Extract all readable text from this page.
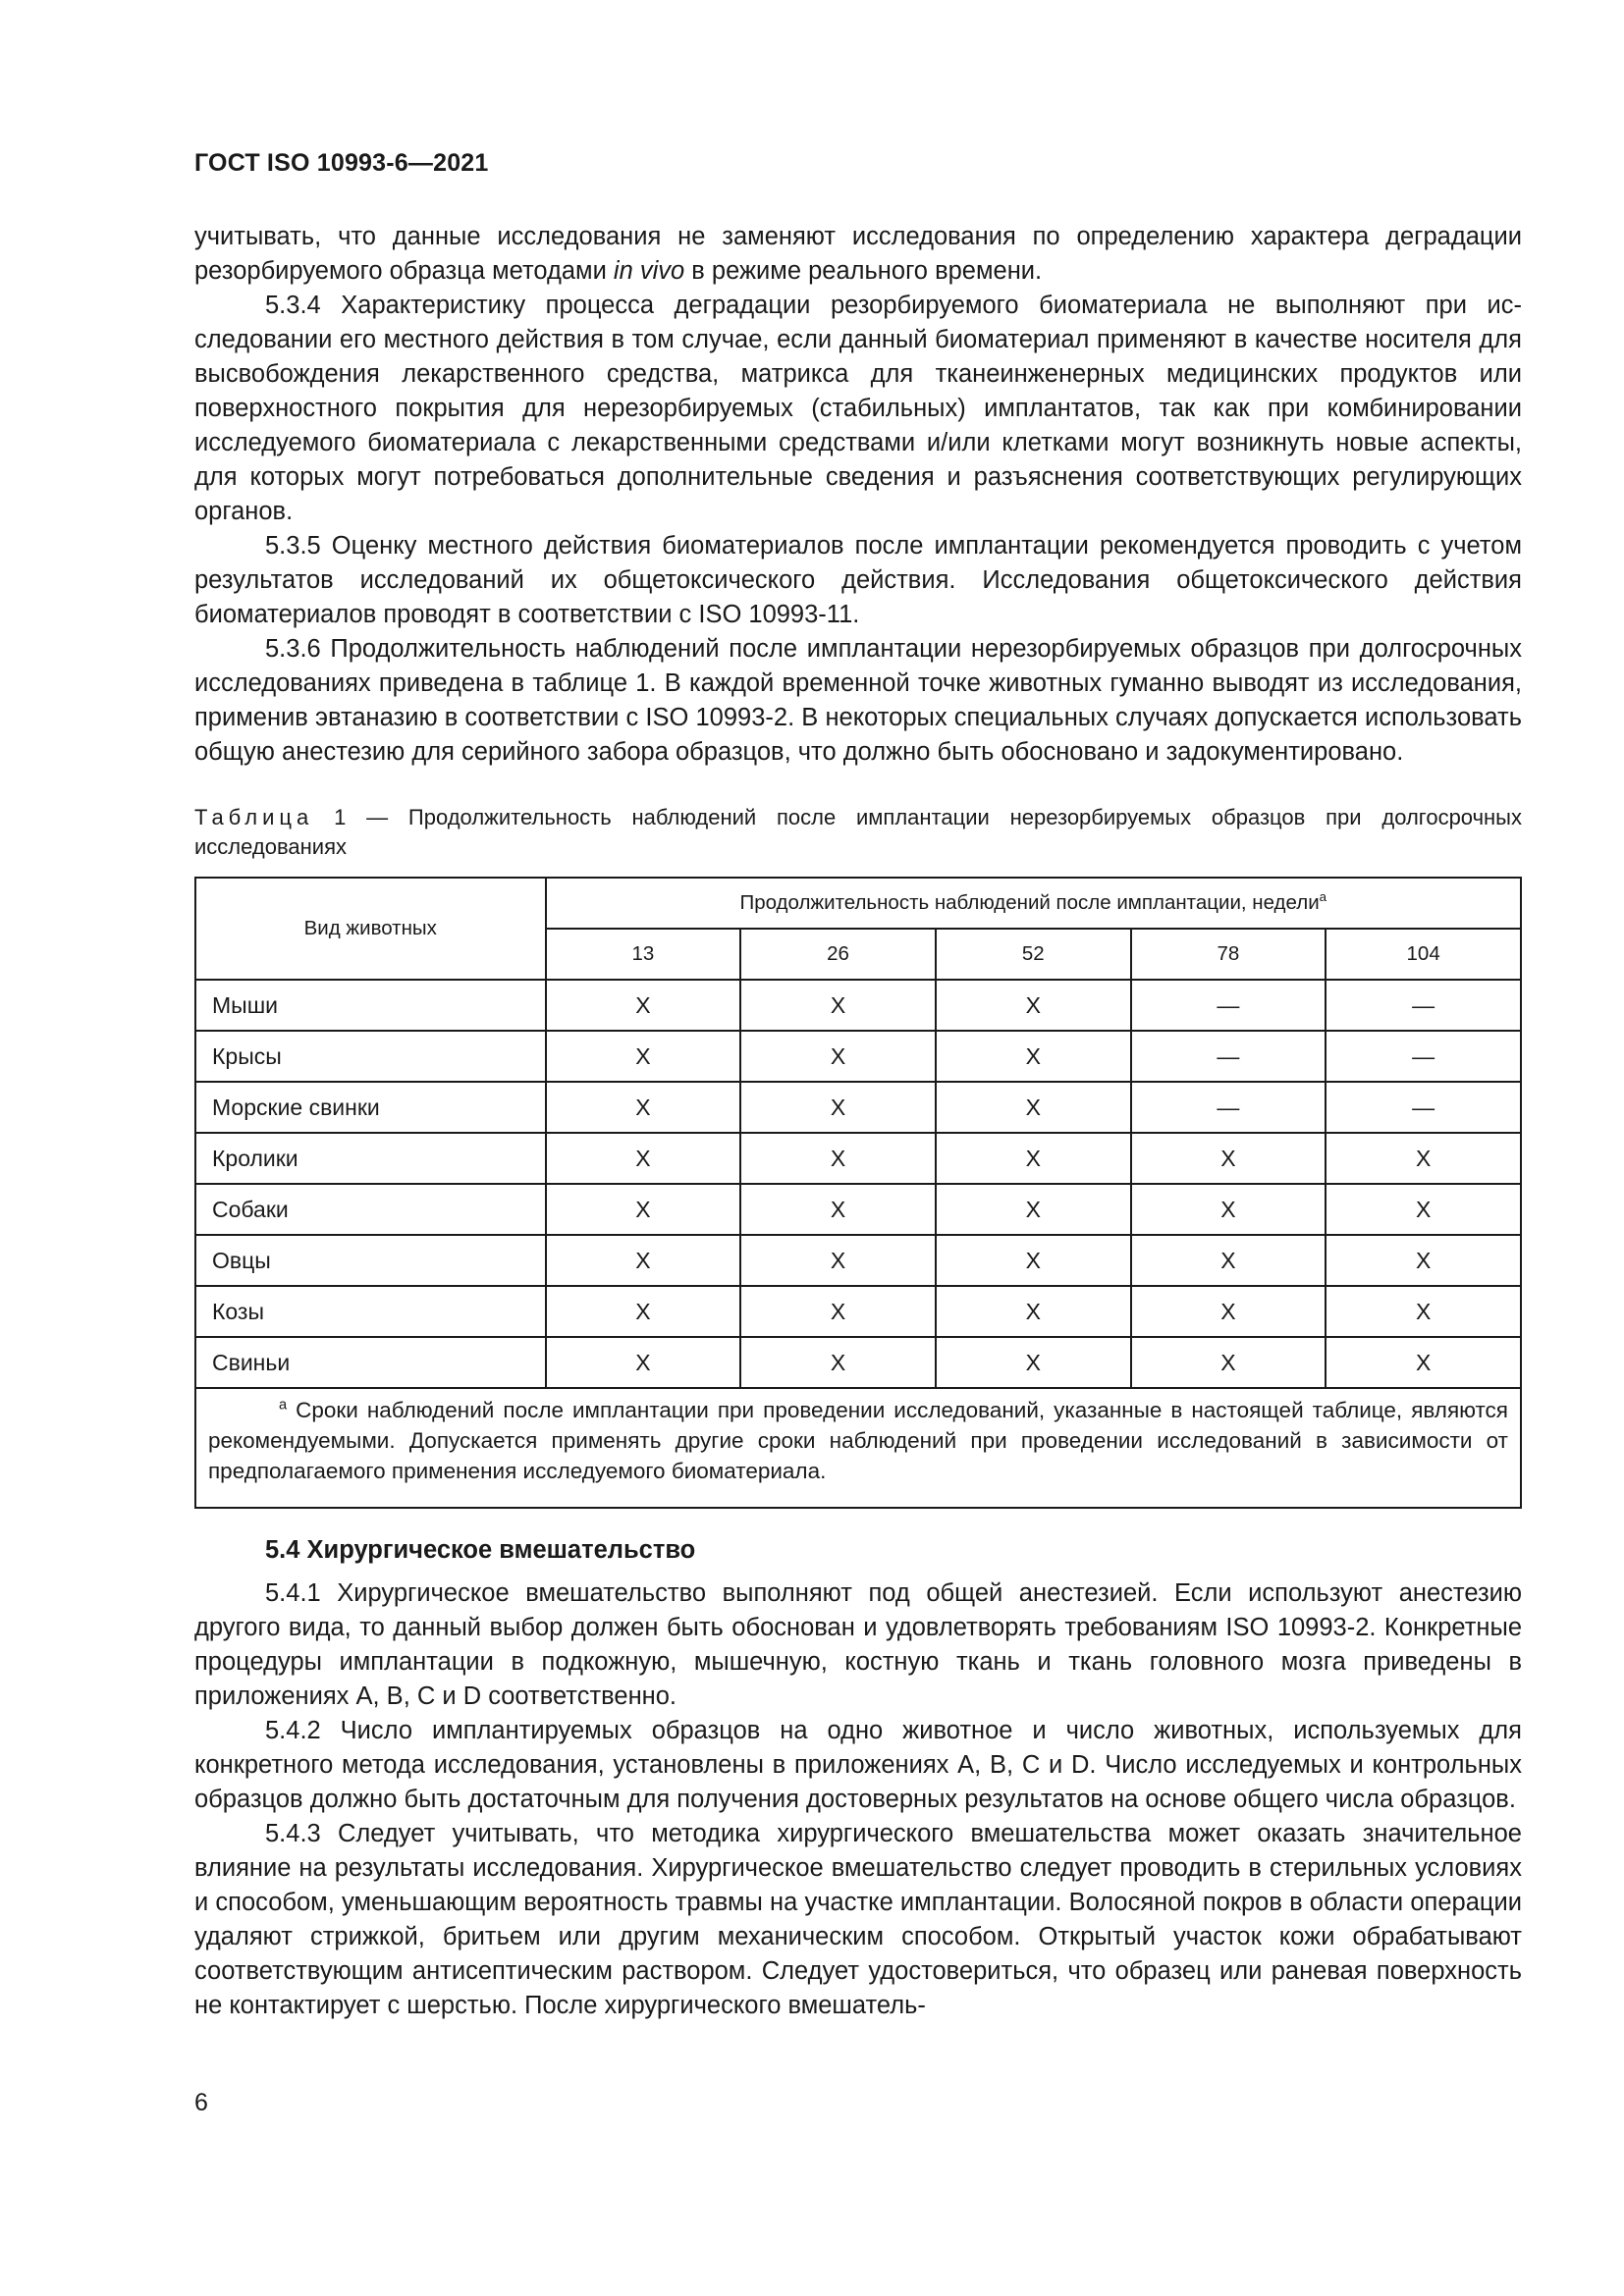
ГОСТ ISO 10993-6—2021

учитывать, что данные исследования не заменяют исследования по определению характера деградации резорбируемого образца методами in vivo в режиме реального времени.

5.3.4 Характеристику процесса деградации резорбируемого биоматериала не выполняют при исследовании его местного действия в том случае, если данный биоматериал применяют в качестве носителя для высвобождения лекарственного средства, матрикса для тканеинженерных медицинских продуктов или поверхностного покрытия для нерезорбируемых (стабильных) имплантатов, так как при комбинировании исследуемого биоматериала с лекарственными средствами и/или клетками могут возникнуть новые аспекты, для которых могут потребоваться дополнительные сведения и разъяснения соответствующих регулирующих органов.

5.3.5 Оценку местного действия биоматериалов после имплантации рекомендуется проводить с учетом результатов исследований их общетоксического действия. Исследования общетоксического действия биоматериалов проводят в соответствии с ISO 10993-11.

5.3.6 Продолжительность наблюдений после имплантации нерезорбируемых образцов при долгосрочных исследованиях приведена в таблице 1. В каждой временной точке животных гуманно выводят из исследования, применив эвтаназию в соответствии с ISO 10993-2. В некоторых специальных случаях допускается использовать общую анестезию для серийного забора образцов, что должно быть обосновано и задокументировано.

Таблица 1 — Продолжительность наблюдений после имплантации нерезорбируемых образцов при долгосрочных исследованиях
Вид животных	Продолжительность наблюдений после имплантации, недели$^a$
	13	26	52	78	104
Мыши	X	X	X	—	—
Крысы	X	X	X	—	—
Морские свинки	X	X	X	—	—
Кролики	X	X	X	X	X
Собаки	X	X	X	X	X
Овцы	X	X	X	X	X
Козы	X	X	X	X	X
Свиньи	X	X	X	X	X
$^a$ Сроки наблюдений после имплантации при проведении исследований, указанные в настоящей таблице, являются рекомендуемыми. Допускается применять другие сроки наблюдений при проведении исследований в зависимости от предполагаемого применения исследуемого биоматериала.					
5.4 Хирургическое вмешательство

5.4.1 Хирургическое вмешательство выполняют под общей анестезией. Если используют анестезию другого вида, то данный выбор должен быть обоснован и удовлетворять требованиям ISO 10993-2. Конкретные процедуры имплантации в подкожную, мышечную, костную ткань и ткань головного мозга приведены в приложениях А, В, С и D соответственно.

5.4.2 Число имплантируемых образцов на одно животное и число животных, используемых для конкретного метода исследования, установлены в приложениях А, В, С и D. Число исследуемых и контрольных образцов должно быть достаточным для получения достоверных результатов на основе общего числа образцов.

5.4.3 Следует учитывать, что методика хирургического вмешательства может оказать значительное влияние на результаты исследования. Хирургическое вмешательство следует проводить в стерильных условиях и способом, уменьшающим вероятность травмы на участке имплантации. Волосяной покров в области операции удаляют стрижкой, бритьем или другим механическим способом. Открытый участок кожи обрабатывают соответствующим антисептическим раствором. Следует удостовериться, что образец или раневая поверхность не контактирует с шерстью. После хирургического вмешатель-

6
